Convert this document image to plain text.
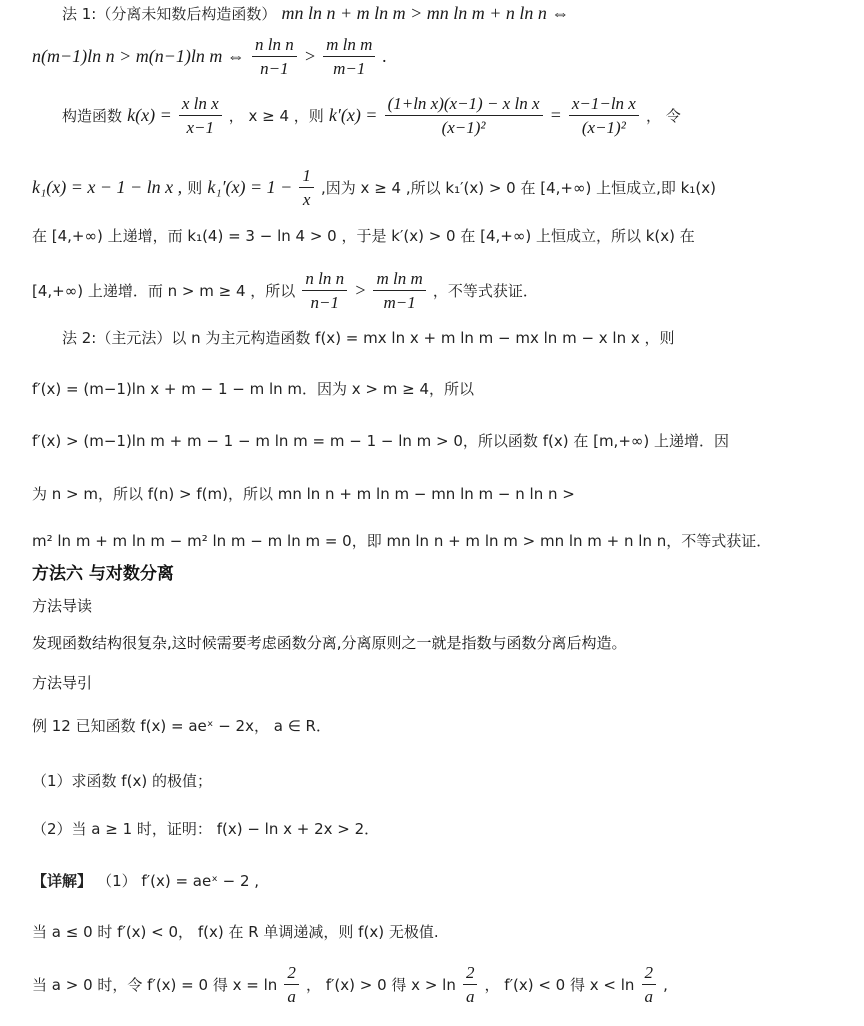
法 1:（分离未知数后构造函数） mn ln n + m ln m > mn ln m + n ln n ⇔
n(m−1)ln n > m(n−1)ln m ⇔ $\frac{\text{n ln n}}{n-1} > \frac{\text{m ln m}}{m-1}$ .
构造函数 $k(x) = \frac{\text{x ln x}}{x-1}$ ， x ≥ 4 ，则 $k'(x) = \frac{\text{(1+ln x)(x−1) − x ln x}}{\text{(x−1)²}} = \frac{\text{x−1−ln x}}{\text{(x−1)²}}$ ， 令
k₁(x) = x − 1 − ln x , 则 $k_1'(x) = 1 - \frac{1}{x}$ ,因为 x ≥ 4 ,所以 k₁′(x) > 0 在 [4,+∞) 上恒成立,即 k₁(x)
在 [4,+∞) 上递增，而 k₁(4) = 3 − ln 4 > 0 ，于是 k′(x) > 0 在 [4,+∞) 上恒成立，所以 k(x) 在
[4,+∞) 上递增．而 n > m ≥ 4 ，所以 $\frac{\text{n ln n}}{n-1} > \frac{\text{m ln m}}{m-1}$ ，不等式获证．
法 2:（主元法）以 n 为主元构造函数 f(x) = mx ln x + m ln m − mx ln m − x ln x ，则
f′(x) = (m−1)ln x + m − 1 − m ln m．因为 x > m ≥ 4，所以
f′(x) > (m−1)ln m + m − 1 − m ln m = m − 1 − ln m > 0，所以函数 f(x) 在 [m,+∞) 上递增．因
为 n > m，所以 f(n) > f(m)，所以 mn ln n + m ln m − mn ln m − n ln n >
m² ln m + m ln m − m² ln m − m ln m = 0，即 mn ln n + m ln m > mn ln m + n ln n，不等式获证．
方法六 与对数分离
方法导读
发现函数结构很复杂,这时候需要考虑函数分离,分离原则之一就是指数与函数分离后构造。
方法导引
例 12 已知函数 f(x) = aeˣ − 2x， a ∈ R．
（1）求函数 f(x) 的极值；
（2）当 a ≥ 1 时，证明： f(x) − ln x + 2x > 2．
【详解】 （1） f′(x) = aeˣ − 2 ,
当 a ≤ 0 时 f′(x) < 0， f(x) 在 R 单调递减，则 f(x) 无极值.
当 a > 0 时，令 f′(x) = 0 得 $x = \ln \frac{2}{a}$ ， f′(x) > 0 得 $x > \ln \frac{2}{a}$ ， f′(x) < 0 得 $x < \ln \frac{2}{a}$ ,
